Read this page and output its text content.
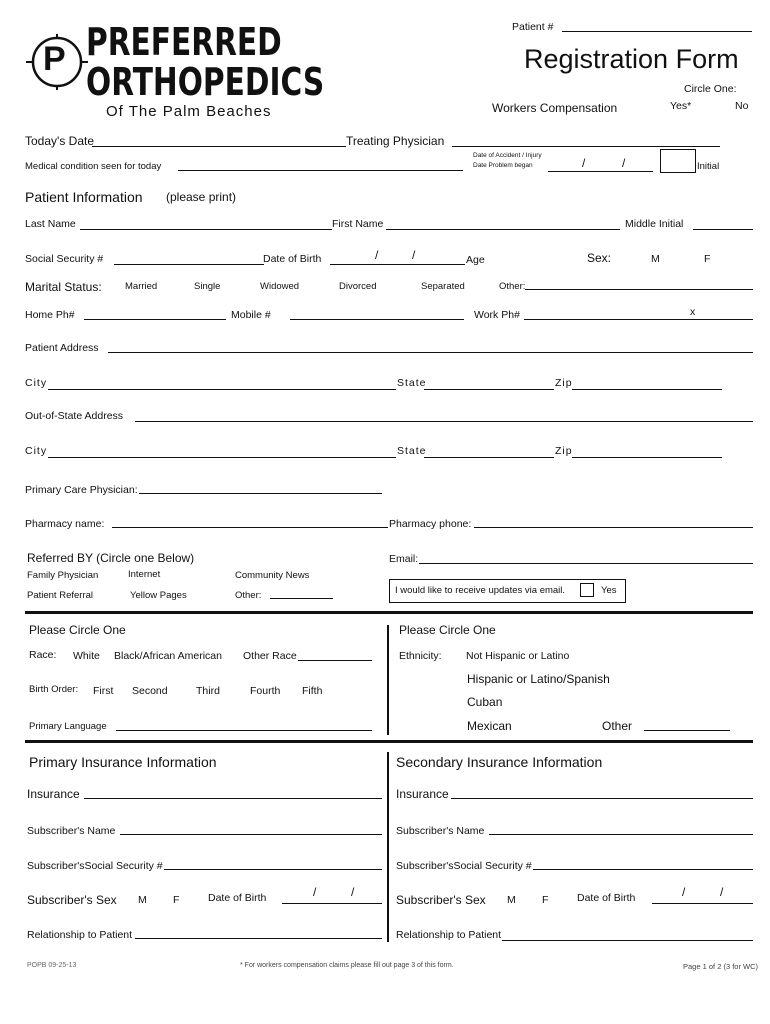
P PREFERRED
ORTHOPEDICS
Of The Palm Beaches
Patient #
Registration Form
Circle One:
Workers Compensation	Yes*	No
Today's Date	Treating Physician
Medical condition seen for today
Date of Accident / Injury
Date Problem began	/	/	Initial
Patient Information (please print)
Last Name	First Name	Middle Initial
Social Security #	Date of Birth	/	/	Age	Sex:	M	F
Marital Status: Married	Single	Widowed	Divorced	Separated	Other:
Home Ph#	Mobile #	Work Ph#	x
Patient Address
City	State	Zip
Out-of-State Address
City	State	Zip
Primary Care Physician:
Pharmacy name:	Pharmacy phone:
Referred BY (Circle one Below)
Family Physician	Internet	Community News
Patient Referral	Yellow Pages	Other:
Email:
I would like to receive updates via email.	Yes
Please Circle One
Race: White Black/African American Other Race
Birth Order: First Second	Third	Fourth Fifth
Primary Language
Please Circle One
Ethnicity: Not Hispanic or Latino
Hispanic or Latino/Spanish
Cuban
Mexican	Other
Primary Insurance Information	Secondary Insurance Information
Insurance	Insurance
Subscriber's Name	Subscriber's Name
Subscriber'sSocial Security #	Subscriber'sSocial Security #
Subscriber's Sex M	F	Date of Birth	/	/
Subscriber's Sex M	F	Date of Birth	/	/
Relationship to Patient	Relationship to Patient
POPB 09-25-13	* For workers compensation claims please fill out page 3 of this form.	Page 1 of 2 (3 for WC)
